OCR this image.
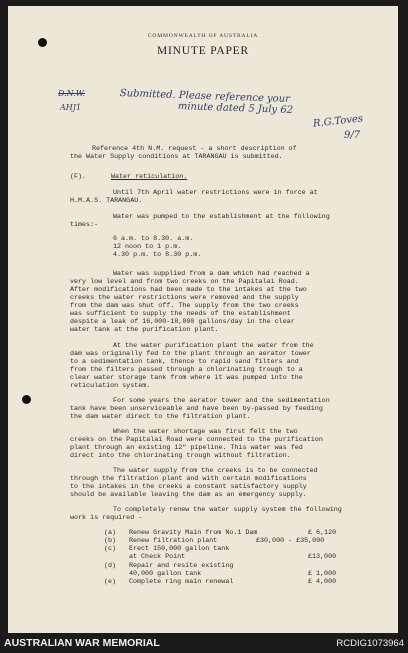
COMMONWEALTH OF AUSTRALIA
MINUTE PAPER
D.N.W.
AHJ1
Submitted. Please reference your
minute dated 5 July 62
R.G.Toves
9/7
Reference 4th N.M. request - a short description of
the Water Supply conditions at TARANGAU is submitted.
(F).	Water reticulation.
Until 7th April water restrictions were in force at
H.M.A.S. TARANGAU.
Water was pumped to the establishment at the following
times:-
6 a.m. to 8.30. a.m.
12 noon to 1 p.m.
4.30 p.m. to 8.30 p.m.
Water was supplied from a dam which had reached a
very low level and from two creeks on the Papitalai Road.
After modifications had been made to the intakes at the two
creeks the water restrictions were removed and the supply
from the dam was shut off. The supply from the two creeks
was sufficient to supply the needs of the establishment
despite a leak of 16,000-18,000 gallons/day in the clear
water tank at the purification plant.
At the water purification plant the water from the
dam was originally fed to the plant through an aerator tower
to a sedimentation tank, thence to rapid sand filters and
from the filters passed through a chlorinating trough to a
clear water storage tank from where it was pumped into the
reticulation system.
For some years the aerator tower and the sedimentation
tank have been unserviceable and have been by-passed by feeding
the dam water direct to the filtration plant.
When the water shortage was first felt the two
creeks on the Papitalai Road were connected to the purification
plant through an existing 12" pipeline. This water was fed
direct into the chlorinating trough without filtration.
The water supply from the creeks is to be connected
through the filtration plant and with certain modifications
to the intakes in the creeks a constant satisfactory supply
should be available leaving the dam as an emergency supply.
To completely renew the water supply system the following
work is required -
(a) Renew Gravity Main from No.1 Dam	£ 6,120
(b) Renew filtration plant	£30,000 - £35,000
(c) Erect 150,000 gallon tank
at Check Point	£13,000
(d) Repair and resite existing
40,000 gallon tank	£ 1,000
(e) Complete ring main renewal	£ 4,000
AUSTRALIAN WAR MEMORIAL	RCDIG1073964
